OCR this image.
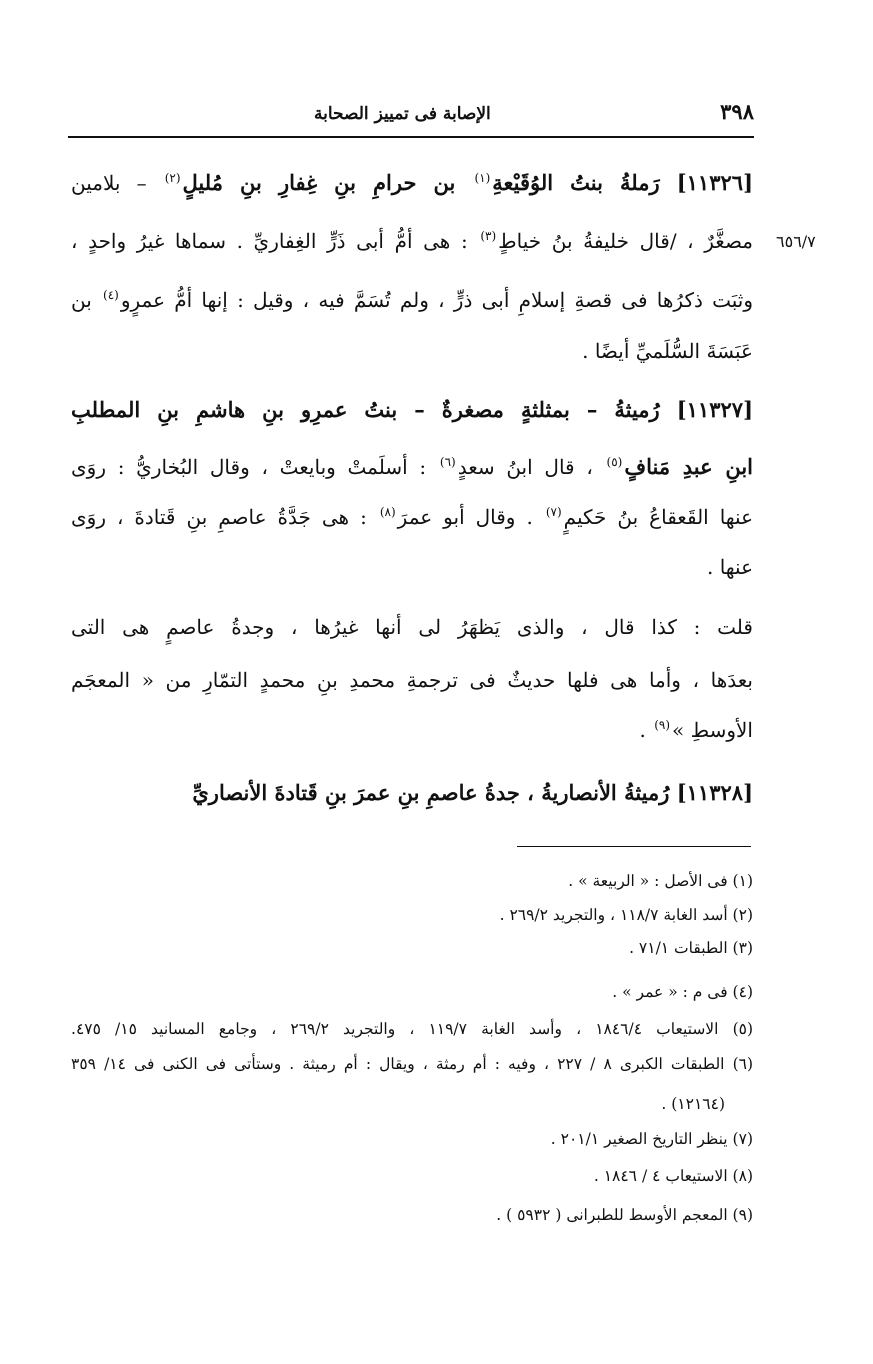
٣٩٨
الإصابة فى تمييز الصحابة
٦٥٦/٧
[١١٣٢٦] رَملةُ بنتُ الوُقَيْعةِ$^{(١)}$ بن حرامِ بنِ غِفارِ بنِ مُليلٍ$^{(٢)}$ – بلامين
مصغَّرٌ ، /قال خليفةُ بنُ خياطٍ$^{(٣)}$ : هى أمُّ أبى ذَرٍّ الغِفاريِّ . سماها غيرُ واحدٍ ،
وثبَت ذكرُها فى قصةِ إسلامِ أبى ذرٍّ ، ولم تُسَمَّ فيه ، وقيل : إنها أمُّ عمرٍو$^{(٤)}$ بن
عَبَسَةَ السُّلَميِّ أيضًا .
[١١٣٢٧] رُميثةُ – بمثلثةٍ مصغرةٌ – بنتُ عمرِو بنِ هاشمِ بنِ المطلبِ
ابنِ عبدِ مَنافٍ$^{(٥)}$ ، قال ابنُ سعدٍ$^{(٦)}$ : أسلَمتْ وبايعتْ ، وقال البُخاريُّ : روَى
عنها القَعقاعُ بنُ حَكيمٍ$^{(٧)}$ . وقال أبو عمرَ$^{(٨)}$ : هى جَدَّةُ عاصمِ بنِ قَتادةَ ، روَى
عنها .
قلت : كذا قال ، والذى يَظهَرُ لى أنها غيرُها ، وجدةُ عاصمٍ هى التى
بعدَها ، وأما هى فلها حديثٌ فى ترجمةِ محمدِ بنِ محمدٍ التمّارِ من « المعجَم
الأوسطِ »$^{(٩)}$ .
[١١٣٢٨] رُميثةُ الأنصاريةُ ، جدةُ عاصمِ بنِ عمرَ بنِ قَتادةَ الأنصاريِّ
(١) فى الأصل : « الربيعة » .
(٢) أسد الغابة ١١٨/٧ ، والتجريد ٢٦٩/٢ .
(٣) الطبقات ٧١/١ .
(٤) فى م : « عمر » .
(٥) الاستيعاب ١٨٤٦/٤ ، وأسد الغابة ١١٩/٧ ، والتجريد ٢٦٩/٢ ، وجامع المسانيد ١٥/ ٤٧٥.
(٦) الطبقات الكبرى ٨ / ٢٢٧ ، وفيه : أم رمثة ، ويقال : أم رميثة . وستأتى فى الكنى فى ١٤/ ٣٥٩
(١٢١٦٤) .
(٧) ينظر التاريخ الصغير ٢٠١/١ .
(٨) الاستيعاب ٤ / ١٨٤٦ .
(٩) المعجم الأوسط للطبرانى ( ٥٩٣٢ ) .
